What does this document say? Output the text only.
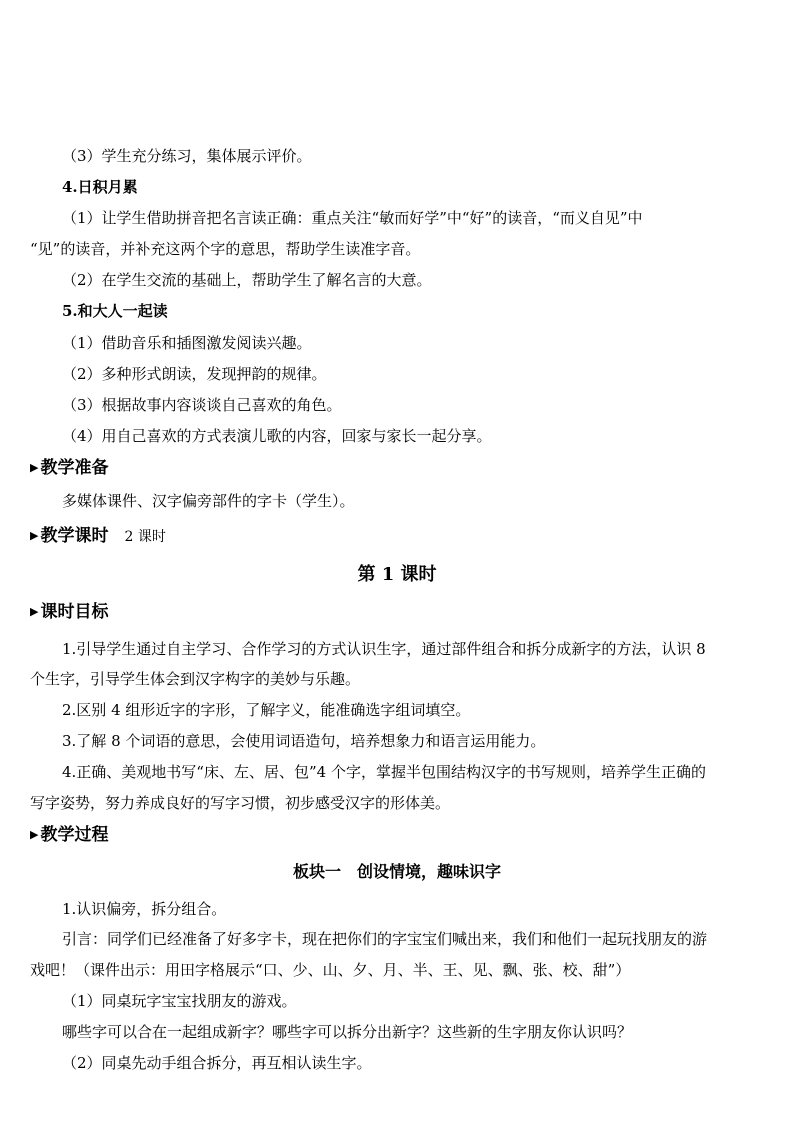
（3）学生充分练习，集体展示评价。
4.日积月累
（1）让学生借助拼音把名言读正确：重点关注“敏而好学”中“好”的读音，“而义自见”中
“见”的读音，并补充这两个字的意思，帮助学生读准字音。
（2）在学生交流的基础上，帮助学生了解名言的大意。
5.和大人一起读
（1）借助音乐和插图激发阅读兴趣。
（2）多种形式朗读，发现押韵的规律。
（3）根据故事内容谈谈自己喜欢的角色。
（4）用自己喜欢的方式表演儿歌的内容，回家与家长一起分享。
▶ 教学准备
多媒体课件、汉字偏旁部件的字卡（学生）。
▶ 教学课时 2 课时
第 1 课时
▶ 课时目标
1.引导学生通过自主学习、合作学习的方式认识生字，通过部件组合和拆分成新字的方法，认识 8
个生字，引导学生体会到汉字构字的美妙与乐趣。
2.区别 4 组形近字的字形，了解字义，能准确选字组词填空。
3.了解 8 个词语的意思，会使用词语造句，培养想象力和语言运用能力。
4.正确、美观地书写“床、左、居、包”4 个字，掌握半包围结构汉字的书写规则，培养学生正确的
写字姿势，努力养成良好的写字习惯，初步感受汉字的形体美。
▶ 教学过程
板块一　创设情境，趣味识字
1.认识偏旁，拆分组合。
引言：同学们已经准备了好多字卡，现在把你们的字宝宝们喊出来，我们和他们一起玩找朋友的游
戏吧！（课件出示：用田字格展示“口、少、山、夕、月、半、王、见、飘、张、校、甜”）
（1）同桌玩字宝宝找朋友的游戏。
哪些字可以合在一起组成新字？哪些字可以拆分出新字？这些新的生字朋友你认识吗？
（2）同桌先动手组合拆分，再互相认读生字。
